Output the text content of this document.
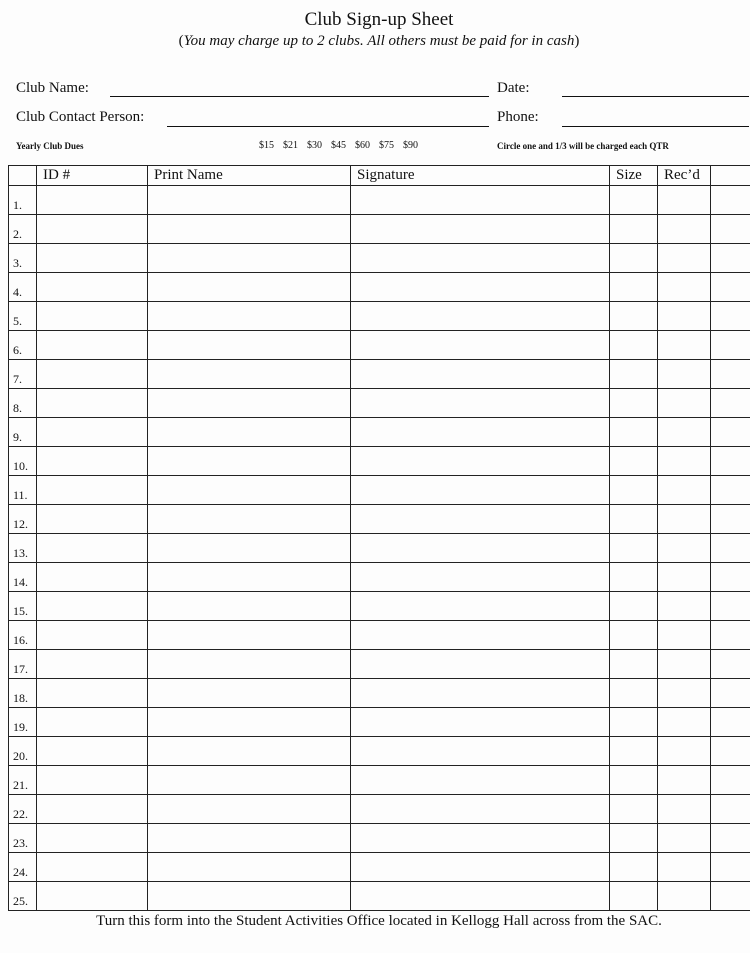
Club Sign-up Sheet
(You may charge up to 2 clubs. All others must be paid for in cash)
Club Name:	Date:
Club Contact Person:	Phone:
Yearly Club Dues	$15 $21 $30 $45 $60 $75 $90	Circle one and 1/3 will be charged each QTR
	ID #	Print Name	Signature	Size	Rec’d	
1.						
2.						
3.						
4.						
5.						
6.						
7.						
8.						
9.						
10.						
11.						
12.						
13.						
14.						
15.						
16.						
17.						
18.						
19.						
20.						
21.						
22.						
23.						
24.						
25.						
Turn this form into the Student Activities Office located in Kellogg Hall across from the SAC.
